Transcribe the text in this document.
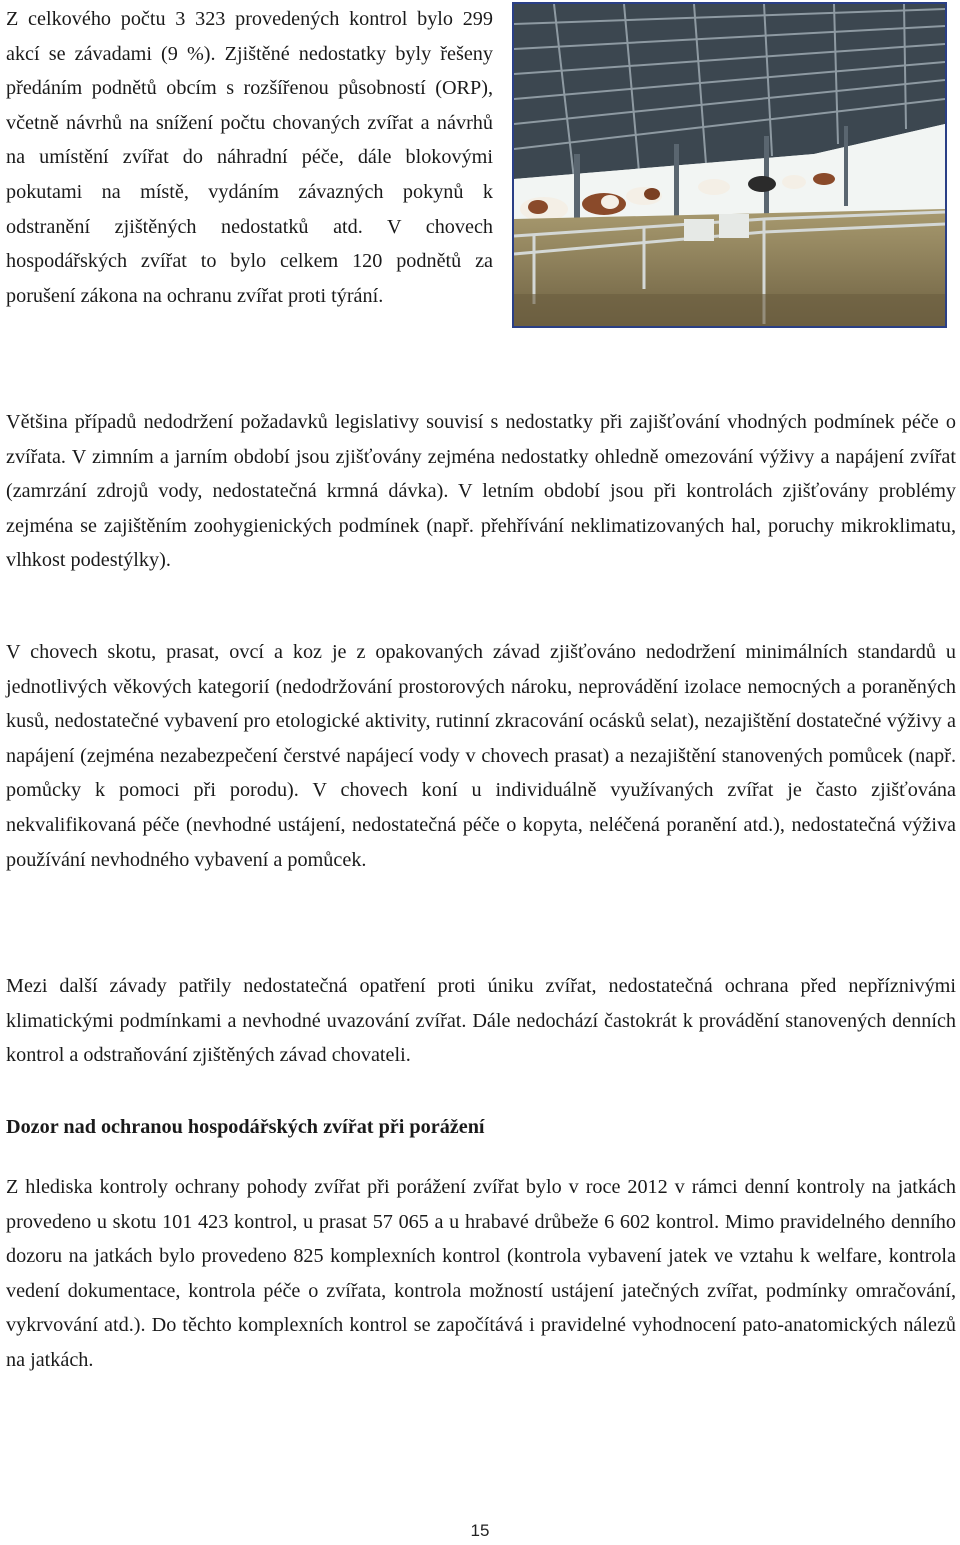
Z celkového počtu 3 323 provedených kontrol bylo 299 akcí se závadami (9 %). Zjištěné nedostatky byly řešeny předáním podnětů obcím s rozšířenou působností (ORP), včetně návrhů na snížení počtu chovaných zvířat a návrhů na umístění zvířat do náhradní péče, dále blokovými pokutami na místě, vydáním závazných pokynů k odstranění zjištěných nedostatků atd. V chovech hospodářských zvířat to bylo celkem 120 podnětů za porušení zákona na ochranu zvířat proti týrání.

Většina případů nedodržení požadavků legislativy souvisí s nedostatky při zajišťování vhodných podmínek péče o zvířata. V zimním a jarním období jsou zjišťovány zejména nedostatky ohledně omezování výživy a napájení zvířat (zamrzání zdrojů vody, nedostatečná krmná dávka). V letním období jsou při kontrolách zjišťovány problémy zejména se zajištěním zoohygienických podmínek (např. přehřívání neklimatizovaných hal, poruchy mikroklimatu, vlhkost podestýlky).

V chovech skotu, prasat, ovcí a koz je z opakovaných závad zjišťováno nedodržení minimálních standardů u jednotlivých věkových kategorií (nedodržování prostorových nároku, neprovádění izolace nemocných a poraněných kusů, nedostatečné vybavení pro etologické aktivity, rutinní zkracování ocásků selat), nezajištění dostatečné výživy a napájení (zejména nezabezpečení čerstvé napájecí vody v chovech prasat) a nezajištění stanovených pomůcek (např. pomůcky k pomoci při porodu). V chovech koní u individuálně využívaných zvířat je často zjišťována nekvalifikovaná péče (nevhodné ustájení, nedostatečná péče o kopyta, neléčená poranění atd.), nedostatečná výživa používání nevhodného vybavení a pomůcek.

Mezi další závady patřily nedostatečná opatření proti úniku zvířat, nedostatečná ochrana před nepříznivými klimatickými podmínkami a nevhodné uvazování zvířat. Dále nedochází častokrát k provádění stanovených denních kontrol a odstraňování zjištěných závad chovateli.

Dozor nad ochranou hospodářských zvířat při porážení

Z hlediska kontroly ochrany pohody zvířat při porážení zvířat bylo v roce 2012 v rámci denní kontroly na jatkách provedeno u skotu 101 423 kontrol, u prasat 57 065 a u hrabavé drůbeže 6 602 kontrol. Mimo pravidelného denního dozoru na jatkách bylo provedeno 825 komplexních kontrol (kontrola vybavení jatek ve vztahu k welfare, kontrola vedení dokumentace, kontrola péče o zvířata, kontrola možností ustájení jatečných zvířat, podmínky omračování, vykrvování atd.). Do těchto komplexních kontrol se započítává i pravidelné vyhodnocení pato-anatomických nálezů na jatkách.

15
